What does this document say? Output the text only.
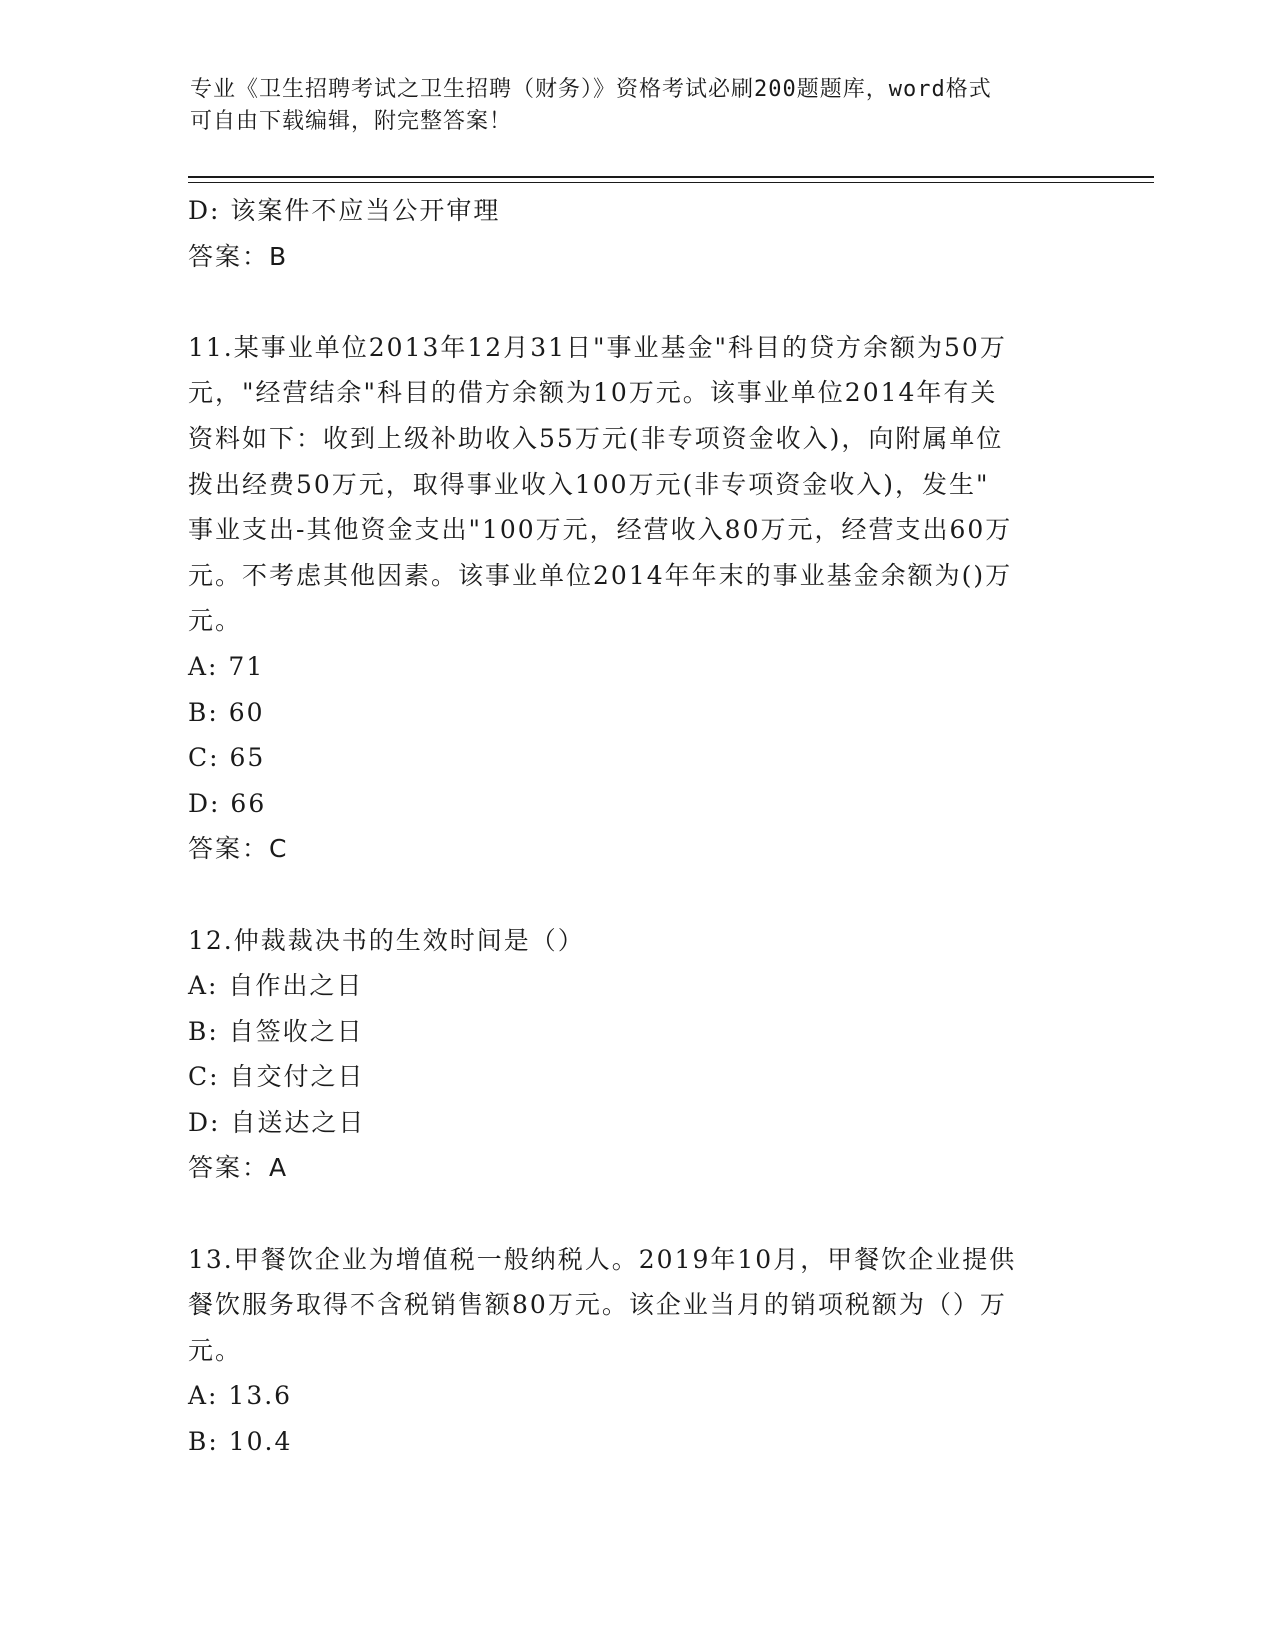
专业《卫生招聘考试之卫生招聘（财务）》资格考试必刷200题题库，word格式
可自由下载编辑，附完整答案！
D: 该案件不应当公开审理
答案：B
11.某事业单位2013年12月31日"事业基金"科目的贷方余额为50万
元，"经营结余"科目的借方余额为10万元。该事业单位2014年有关
资料如下：收到上级补助收入55万元(非专项资金收入)，向附属单位
拨出经费50万元，取得事业收入100万元(非专项资金收入)，发生"
事业支出-其他资金支出"100万元，经营收入80万元，经营支出60万
元。不考虑其他因素。该事业单位2014年年末的事业基金余额为()万
元。
A: 71
B: 60
C: 65
D: 66
答案：C
12.仲裁裁决书的生效时间是（）
A: 自作出之日
B: 自签收之日
C: 自交付之日
D: 自送达之日
答案：A
13.甲餐饮企业为增值税一般纳税人。2019年10月，甲餐饮企业提供
餐饮服务取得不含税销售额80万元。该企业当月的销项税额为（）万
元。
A: 13.6
B: 10.4
